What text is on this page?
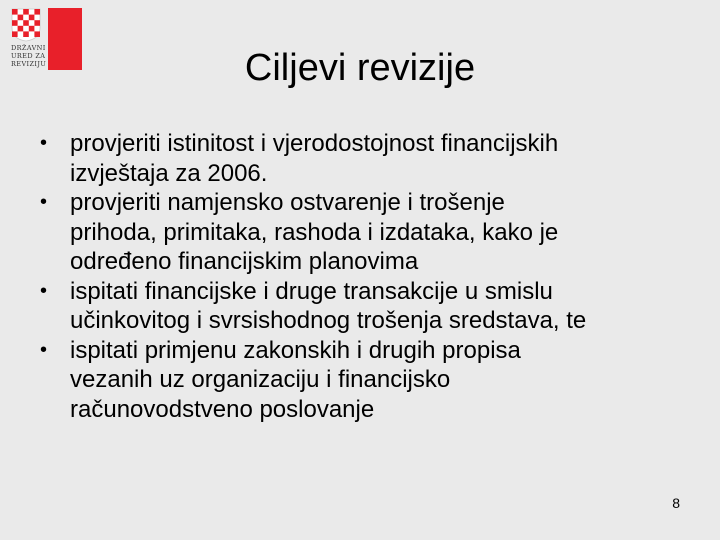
DRŽAVNI
URED ZA
REVIZIJU	Ciljevi revizije
• provjeriti istinitost i vjerodostojnost financijskih
izvještaja za 2006.
• provjeriti namjensko ostvarenje i trošenje
prihoda, primitaka, rashoda i izdataka, kako je
određeno financijskim planovima
• ispitati financijske i druge transakcije u smislu
učinkovitog i svrsishodnog trošenja sredstava, te
• ispitati primjenu zakonskih i drugih propisa
vezanih uz organizaciju i financijsko
računovodstveno poslovanje
8
